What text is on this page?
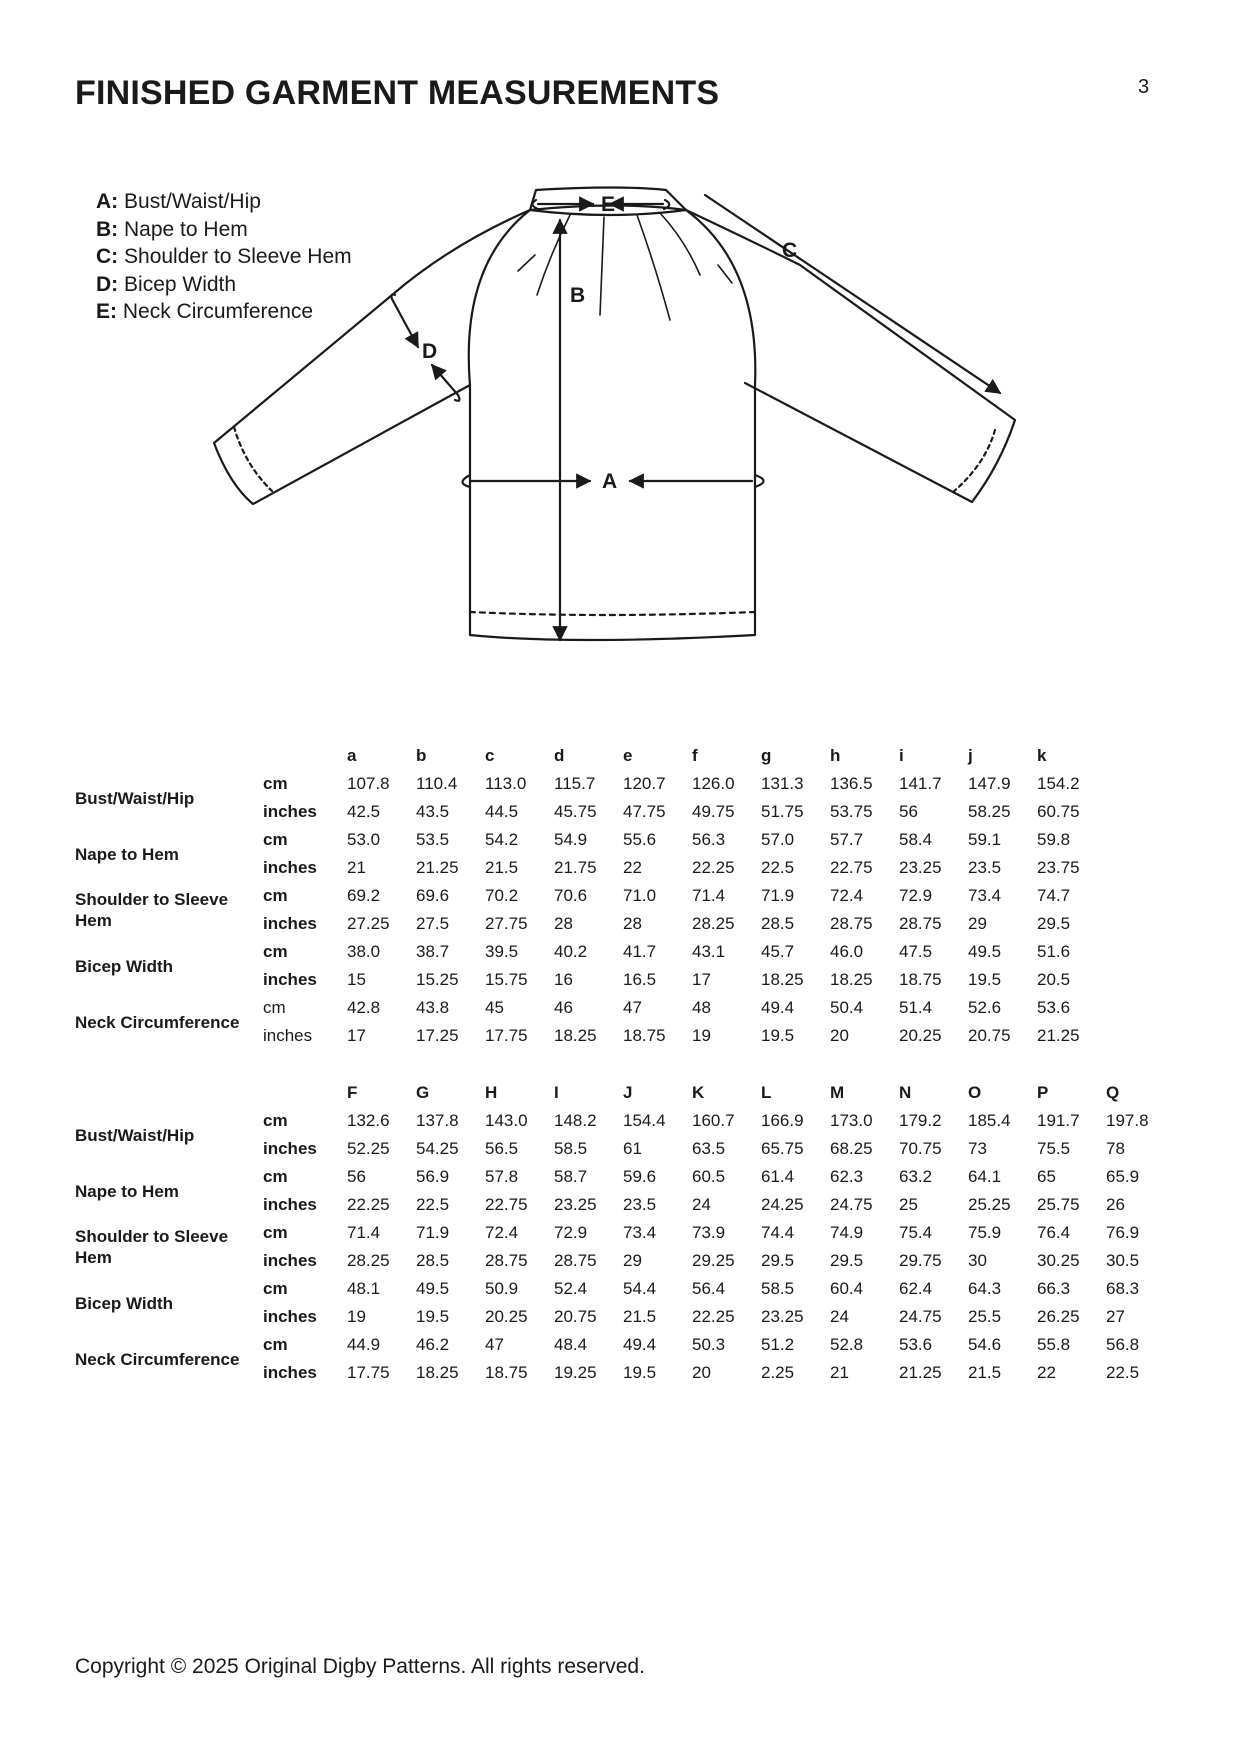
3
FINISHED GARMENT MEASUREMENTS
A: Bust/Waist/Hip
B: Nape to Hem
C: Shoulder to Sleeve Hem
D: Bicep Width
E: Neck Circumference
E
B
C
D
A
		a	b	c	d	e	f	g	h	i	j	k
Bust/Waist/Hip	cm	107.8	110.4	113.0	115.7	120.7	126.0	131.3	136.5	141.7	147.9	154.2
	inches	42.5	43.5	44.5	45.75	47.75	49.75	51.75	53.75	56	58.25	60.75
Nape to Hem	cm	53.0	53.5	54.2	54.9	55.6	56.3	57.0	57.7	58.4	59.1	59.8
	inches	21	21.25	21.5	21.75	22	22.25	22.5	22.75	23.25	23.5	23.75
Shoulder to Sleeve Hem	cm	69.2	69.6	70.2	70.6	71.0	71.4	71.9	72.4	72.9	73.4	74.7
	inches	27.25	27.5	27.75	28	28	28.25	28.5	28.75	28.75	29	29.5
Bicep Width	cm	38.0	38.7	39.5	40.2	41.7	43.1	45.7	46.0	47.5	49.5	51.6
	inches	15	15.25	15.75	16	16.5	17	18.25	18.25	18.75	19.5	20.5
Neck Circumference	cm	42.8	43.8	45	46	47	48	49.4	50.4	51.4	52.6	53.6
	inches	17	17.25	17.75	18.25	18.75	19	19.5	20	20.25	20.75	21.25
		F	G	H	I	J	K	L	M	N	O	P	Q
Bust/Waist/Hip	cm	132.6	137.8	143.0	148.2	154.4	160.7	166.9	173.0	179.2	185.4	191.7	197.8
	inches	52.25	54.25	56.5	58.5	61	63.5	65.75	68.25	70.75	73	75.5	78
Nape to Hem	cm	56	56.9	57.8	58.7	59.6	60.5	61.4	62.3	63.2	64.1	65	65.9
	inches	22.25	22.5	22.75	23.25	23.5	24	24.25	24.75	25	25.25	25.75	26
Shoulder to Sleeve Hem	cm	71.4	71.9	72.4	72.9	73.4	73.9	74.4	74.9	75.4	75.9	76.4	76.9
	inches	28.25	28.5	28.75	28.75	29	29.25	29.5	29.5	29.75	30	30.25	30.5
Bicep Width	cm	48.1	49.5	50.9	52.4	54.4	56.4	58.5	60.4	62.4	64.3	66.3	68.3
	inches	19	19.5	20.25	20.75	21.5	22.25	23.25	24	24.75	25.5	26.25	27
Neck Circumference	cm	44.9	46.2	47	48.4	49.4	50.3	51.2	52.8	53.6	54.6	55.8	56.8
	inches	17.75	18.25	18.75	19.25	19.5	20	2.25	21	21.25	21.5	22	22.5
Copyright © 2025 Original Digby Patterns. All rights reserved.
